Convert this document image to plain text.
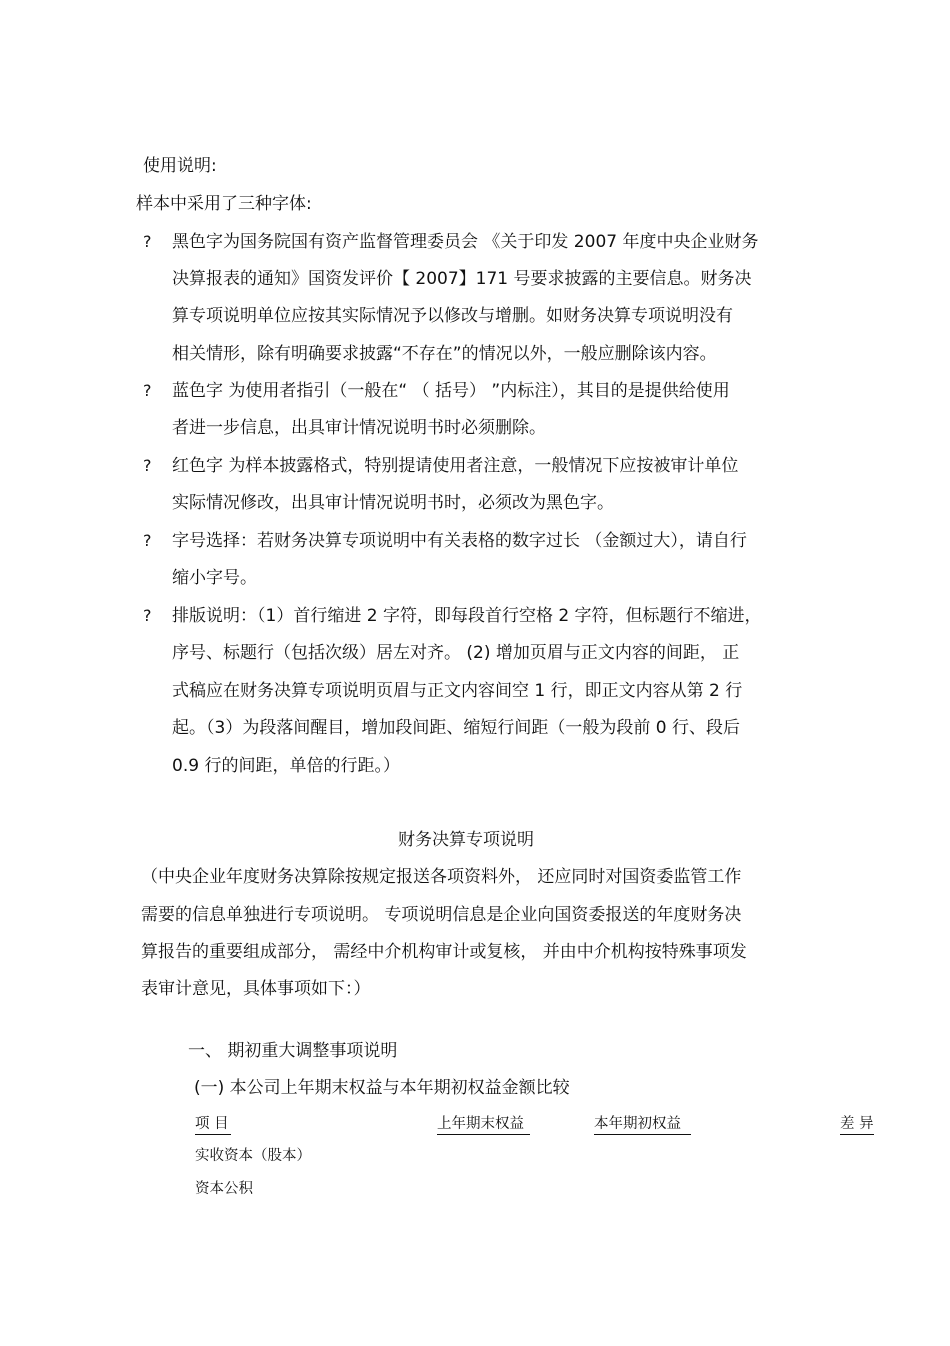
使用说明:
样本中采用了三种字体:
? 黑色字为国务院国有资产监督管理委员会 《关于印发 2007 年度中央企业财务
决算报表的通知》国资发评价【 2007】171 号要求披露的主要信息。财务决
算专项说明单位应按其实际情况予以修改与增删。如财务决算专项说明没有
相关情形，除有明确要求披露“不存在”的情况以外，一般应删除该内容。
? 蓝色字 为使用者指引（一般在“ （ 括号） ”内标注），其目的是提供给使用
者进一步信息，出具审计情况说明书时必须删除。
? 红色字 为样本披露格式，特别提请使用者注意，一般情况下应按被审计单位
实际情况修改，出具审计情况说明书时，必须改为黑色字。
? 字号选择：若财务决算专项说明中有关表格的数字过长 （金额过大），请自行
缩小字号。
? 排版说明：（1）首行缩进 2 字符，即每段首行空格 2 字符，但标题行不缩进，
序号、标题行（包括次级）居左对齐。 (2) 增加页眉与正文内容的间距， 正
式稿应在财务决算专项说明页眉与正文内容间空 1 行，即正文内容从第 2 行
起。（3）为段落间醒目，增加段间距、缩短行间距（一般为段前 0 行、段后
0.9 行的间距，单倍的行距。）
财务决算专项说明
（中央企业年度财务决算除按规定报送各项资料外， 还应同时对国资委监管工作
需要的信息单独进行专项说明。 专项说明信息是企业向国资委报送的年度财务决
算报告的重要组成部分， 需经中介机构审计或复核， 并由中介机构按特殊事项发
表审计意见，具体事项如下：）
一、 期初重大调整事项说明
(一) 本公司上年期末权益与本年期初权益金额比较
项 目	上年期末权益	本年期初权益	差 异
实收资本（股本）
资本公积
